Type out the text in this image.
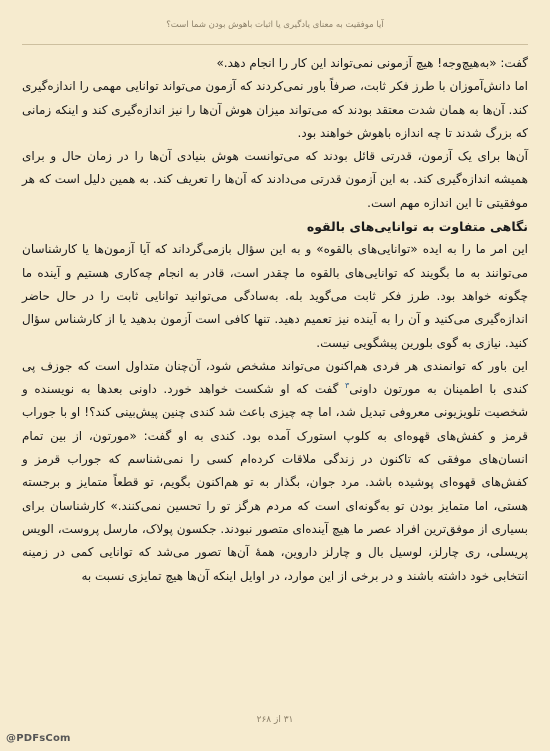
آیا موفقیت به معنای یادگیری یا اثبات باهوش بودن شما است؟

گفت: «به‌هیچ‌وجه! هیچ آزمونی نمی‌تواند این کار را انجام دهد.»

اما دانش‌آموزان با طرز فکر ثابت، صرفاً باور نمی‌کردند که آزمون می‌تواند توانایی مهمی را اندازه‌گیری کند. آن‌ها به همان شدت معتقد بودند که می‌تواند میزان هوش آن‌ها را نیز اندازه‌گیری کند و اینکه زمانی که بزرگ شدند تا چه اندازه باهوش خواهند بود.

آن‌ها برای یک آزمون، قدرتی قائل بودند که می‌توانست هوش بنیادی آن‌ها را در زمان حال و برای همیشه اندازه‌گیری کند. به این آزمون قدرتی می‌دادند که آن‌ها را تعریف کند. به همین دلیل است که هر موفقیتی تا این اندازه مهم است.

نگاهی متفاوت به توانایی‌های بالقوه

این امر ما را به ایده «توانایی‌های بالقوه» و به این سؤال بازمی‌گرداند که آیا آزمون‌ها یا کارشناسان می‌توانند به ما بگویند که توانایی‌های بالقوه ما چقدر است، قادر به انجام چه‌کاری هستیم و آینده ما چگونه خواهد بود. طرز فکر ثابت می‌گوید بله. به‌سادگی می‌توانید توانایی ثابت را در حال حاضر اندازه‌گیری می‌کنید و آن را به آینده نیز تعمیم دهید. تنها کافی است آزمون بدهید یا از کارشناس سؤال کنید. نیازی به گوی بلورین پیشگویی نیست.

این باور که توانمندی هر فردی هم‌اکنون می‌تواند مشخص شود، آن‌چنان متداول است که جوزف پی کندی با اطمینان به مورتون داونی$^۳$ گفت که او شکست خواهد خورد. داونی بعدها به نویسنده و شخصیت تلویزیونی معروفی تبدیل شد، اما چه چیزی باعث شد کندی چنین پیش‌بینی کند؟! او با جوراب قرمز و کفش‌های قهوه‌ای به کلوپ استورک آمده بود. کندی به او گفت: «مورتون، از بین تمام انسان‌های موفقی که تاکنون در زندگی ملاقات کرده‌ام کسی را نمی‌شناسم که جوراب قرمز و کفش‌های قهوه‌ای پوشیده باشد. مرد جوان، بگذار به تو هم‌اکنون بگویم، تو قطعاً متمایز و برجسته هستی، اما متمایز بودن تو به‌گونه‌ای است که مردم هرگز تو را تحسین نمی‌کنند.» کارشناسان برای بسیاری از موفق‌ترین افراد عصر ما هیچ آینده‌ای متصور نبودند. جکسون پولاک، مارسل پروست، الویس پریسلی، ری چارلز، لوسیل بال و چارلز داروین، همهٔ آن‌ها تصور می‌شد که توانایی کمی در زمینه انتخابی خود داشته باشند و در برخی از این موارد، در اوایل اینکه آن‌ها هیچ تمایزی نسبت به

۳۱ از ۲۶۸
@PDFsCom
